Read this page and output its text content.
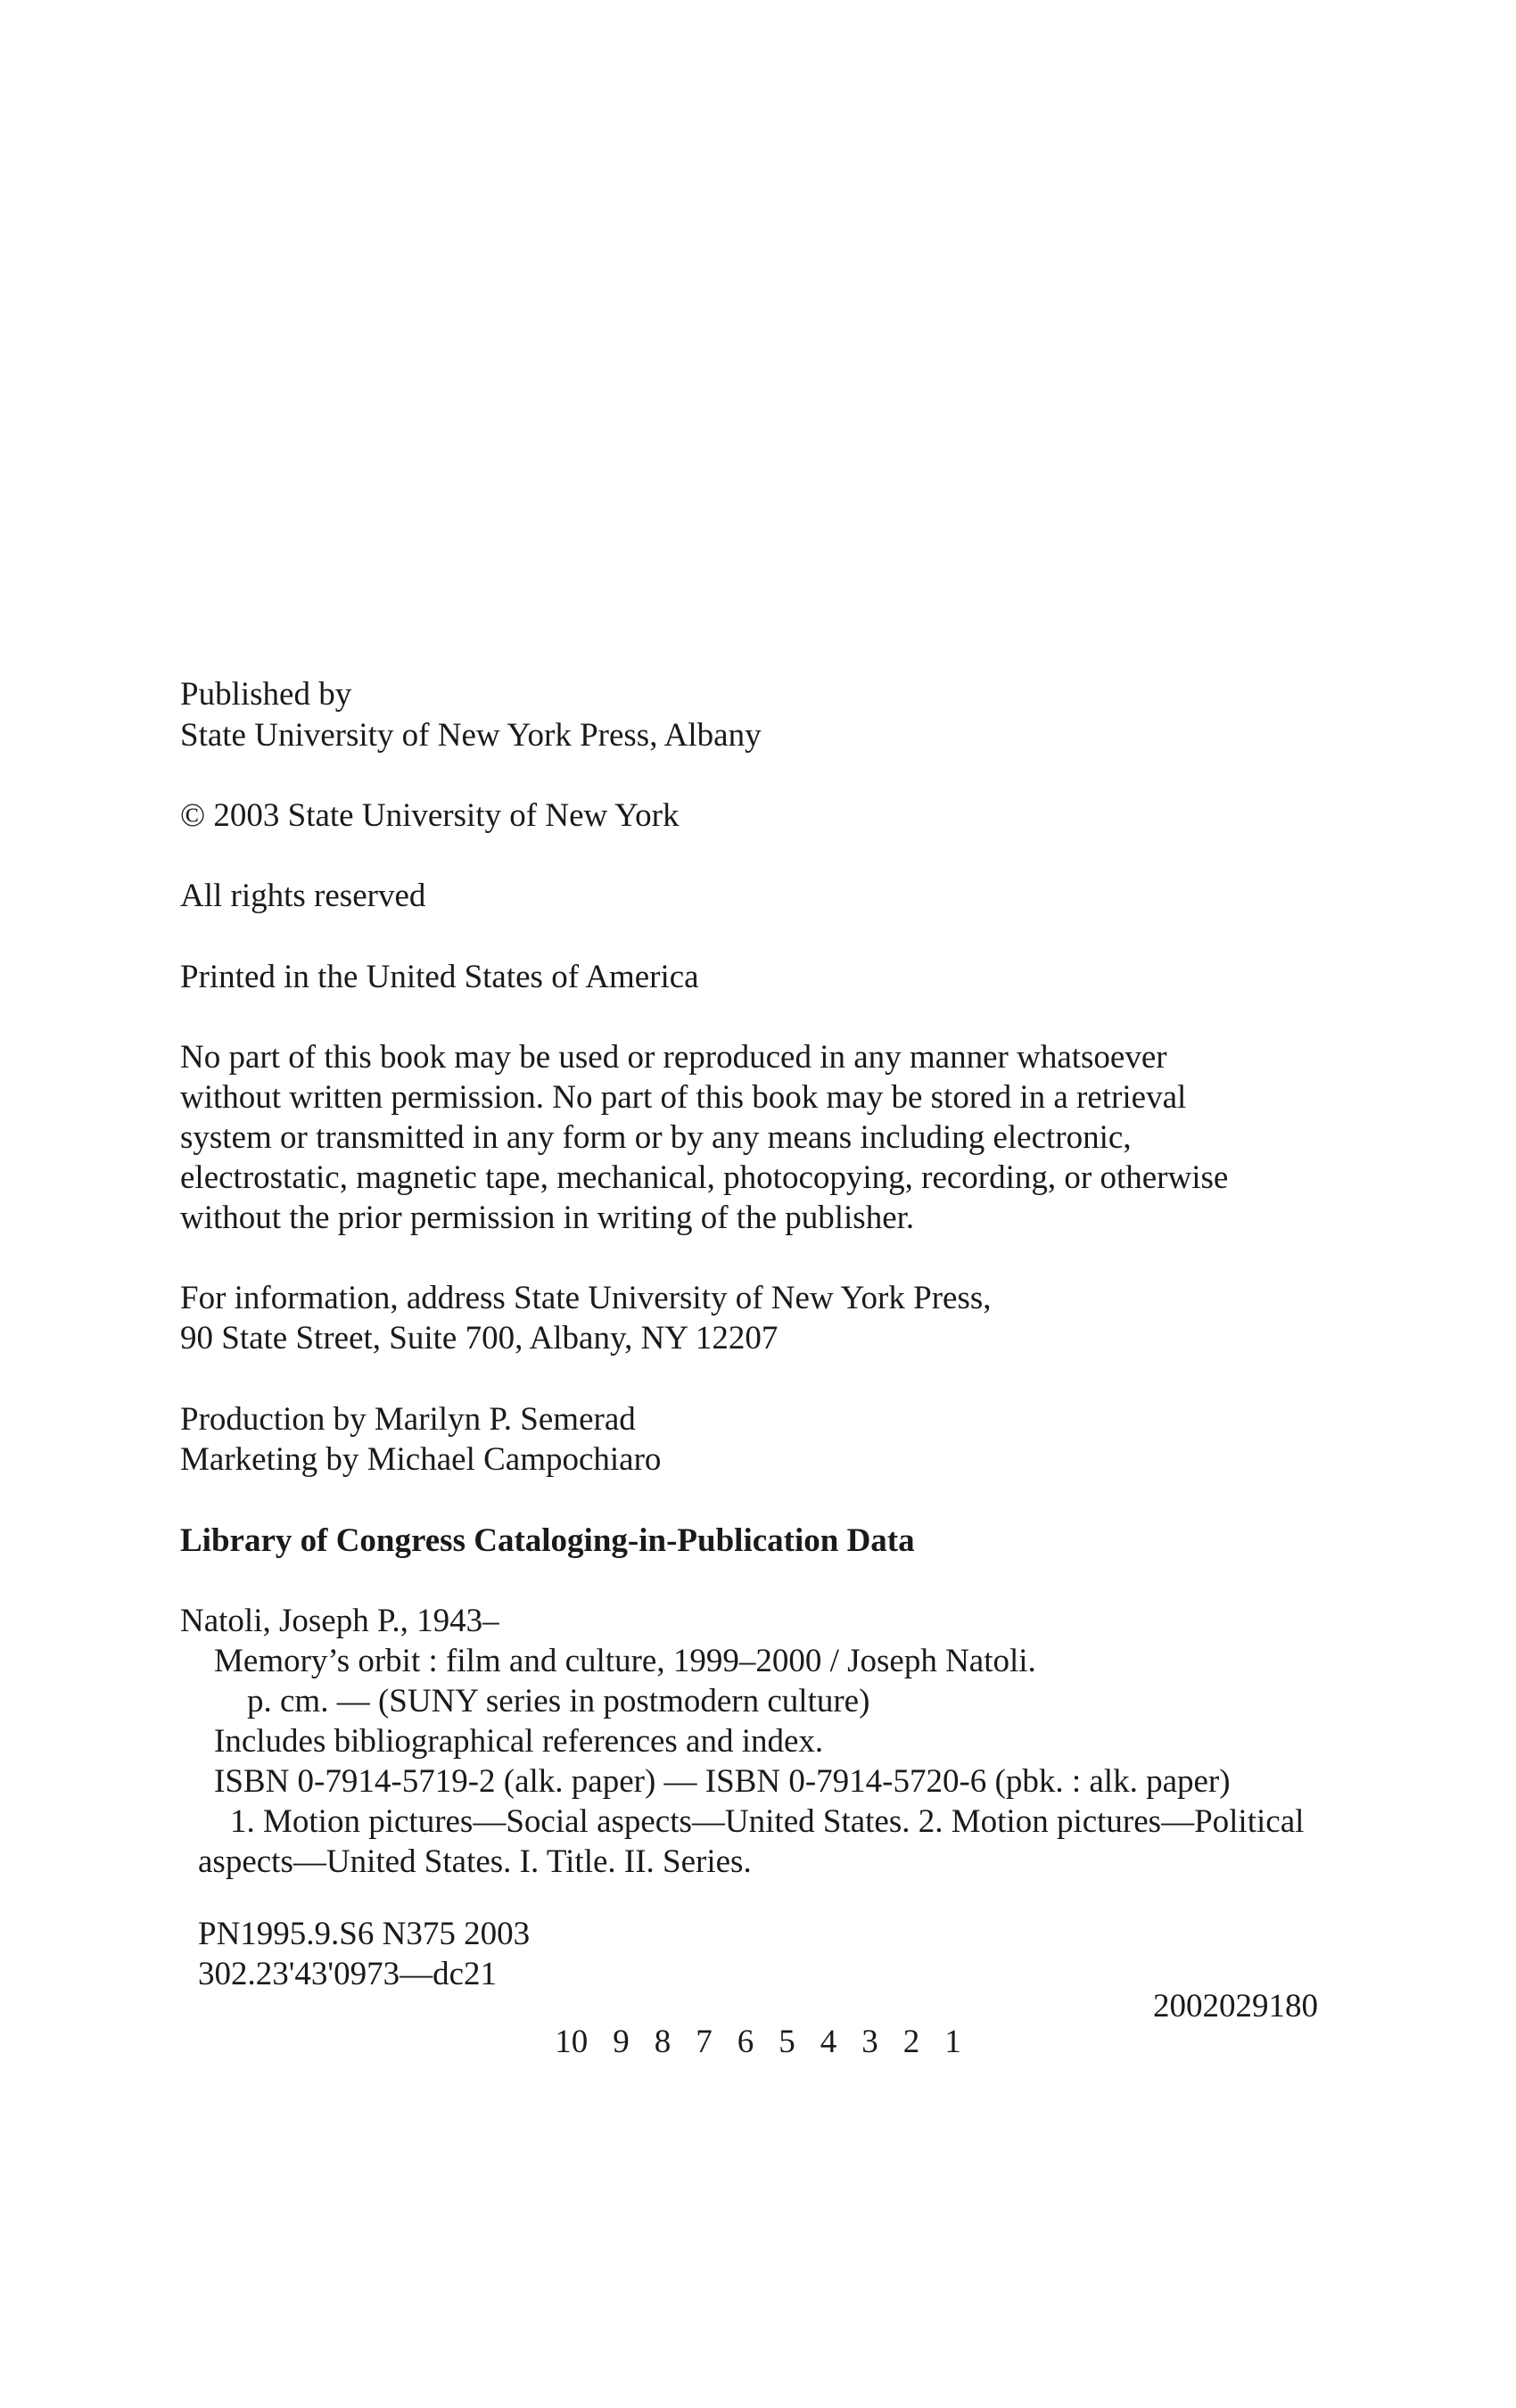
Published by

State University of New York Press, Albany

© 2003 State University of New York

All rights reserved

Printed in the United States of America

No part of this book may be used or reproduced in any manner whatsoever

without written permission. No part of this book may be stored in a retrieval

system or transmitted in any form or by any means including electronic,

electrostatic, magnetic tape, mechanical, photocopying, recording, or otherwise

without the prior permission in writing of the publisher.

For information, address State University of New York Press,

90 State Street, Suite 700, Albany, NY 12207

Production by Marilyn P. Semerad

Marketing by Michael Campochiaro

Library of Congress Cataloging-in-Publication Data

Natoli, Joseph P., 1943–

Memory’s orbit : film and culture, 1999–2000 / Joseph Natoli.

p. cm. — (SUNY series in postmodern culture)

Includes bibliographical references and index.

ISBN 0-7914-5719-2 (alk. paper) — ISBN 0-7914-5720-6 (pbk. : alk. paper)

1. Motion pictures—Social aspects—United States. 2. Motion pictures—Political

aspects—United States. I. Title. II. Series.

PN1995.9.S6 N375 2003

302.23'43'0973—dc21

2002029180

10 9 8 7 6 5 4 3 2 1
